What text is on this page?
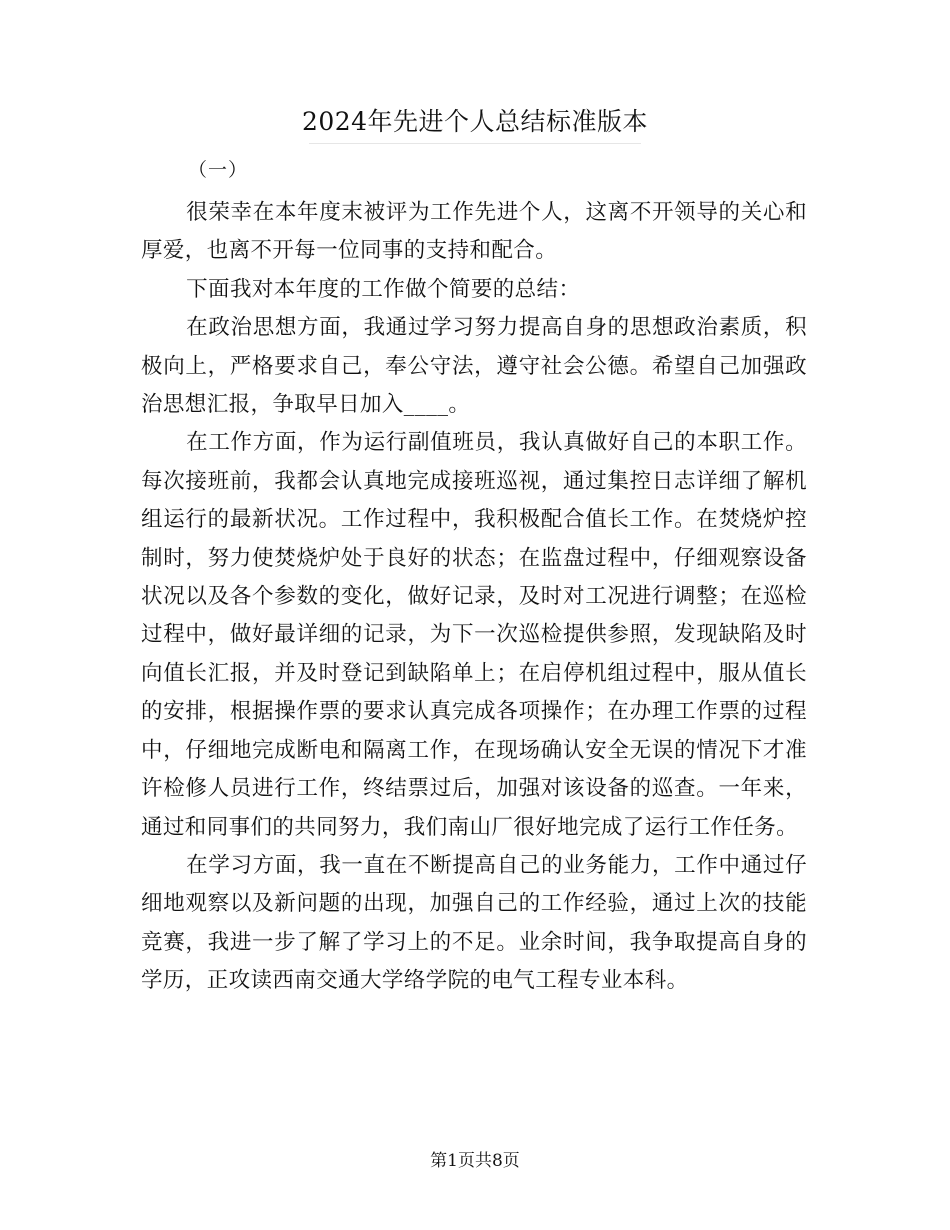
2024年先进个人总结标准版本
（一）

很荣幸在本年度末被评为工作先进个人，这离不开领导的关心和厚爱，也离不开每一位同事的支持和配合。

下面我对本年度的工作做个简要的总结：

在政治思想方面，我通过学习努力提高自身的思想政治素质，积极向上，严格要求自己，奉公守法，遵守社会公德。希望自己加强政治思想汇报，争取早日加入____。

在工作方面，作为运行副值班员，我认真做好自己的本职工作。每次接班前，我都会认真地完成接班巡视，通过集控日志详细了解机组运行的最新状况。工作过程中，我积极配合值长工作。在焚烧炉控制时，努力使焚烧炉处于良好的状态；在监盘过程中，仔细观察设备状况以及各个参数的变化，做好记录，及时对工况进行调整；在巡检过程中，做好最详细的记录，为下一次巡检提供参照，发现缺陷及时向值长汇报，并及时登记到缺陷单上；在启停机组过程中，服从值长的安排，根据操作票的要求认真完成各项操作；在办理工作票的过程中，仔细地完成断电和隔离工作，在现场确认安全无误的情况下才准许检修人员进行工作，终结票过后，加强对该设备的巡查。一年来，通过和同事们的共同努力，我们南山厂很好地完成了运行工作任务。

在学习方面，我一直在不断提高自己的业务能力，工作中通过仔细地观察以及新问题的出现，加强自己的工作经验，通过上次的技能竞赛，我进一步了解了学习上的不足。业余时间，我争取提高自身的学历，正攻读西南交通大学络学院的电气工程专业本科。

第1页共8页
